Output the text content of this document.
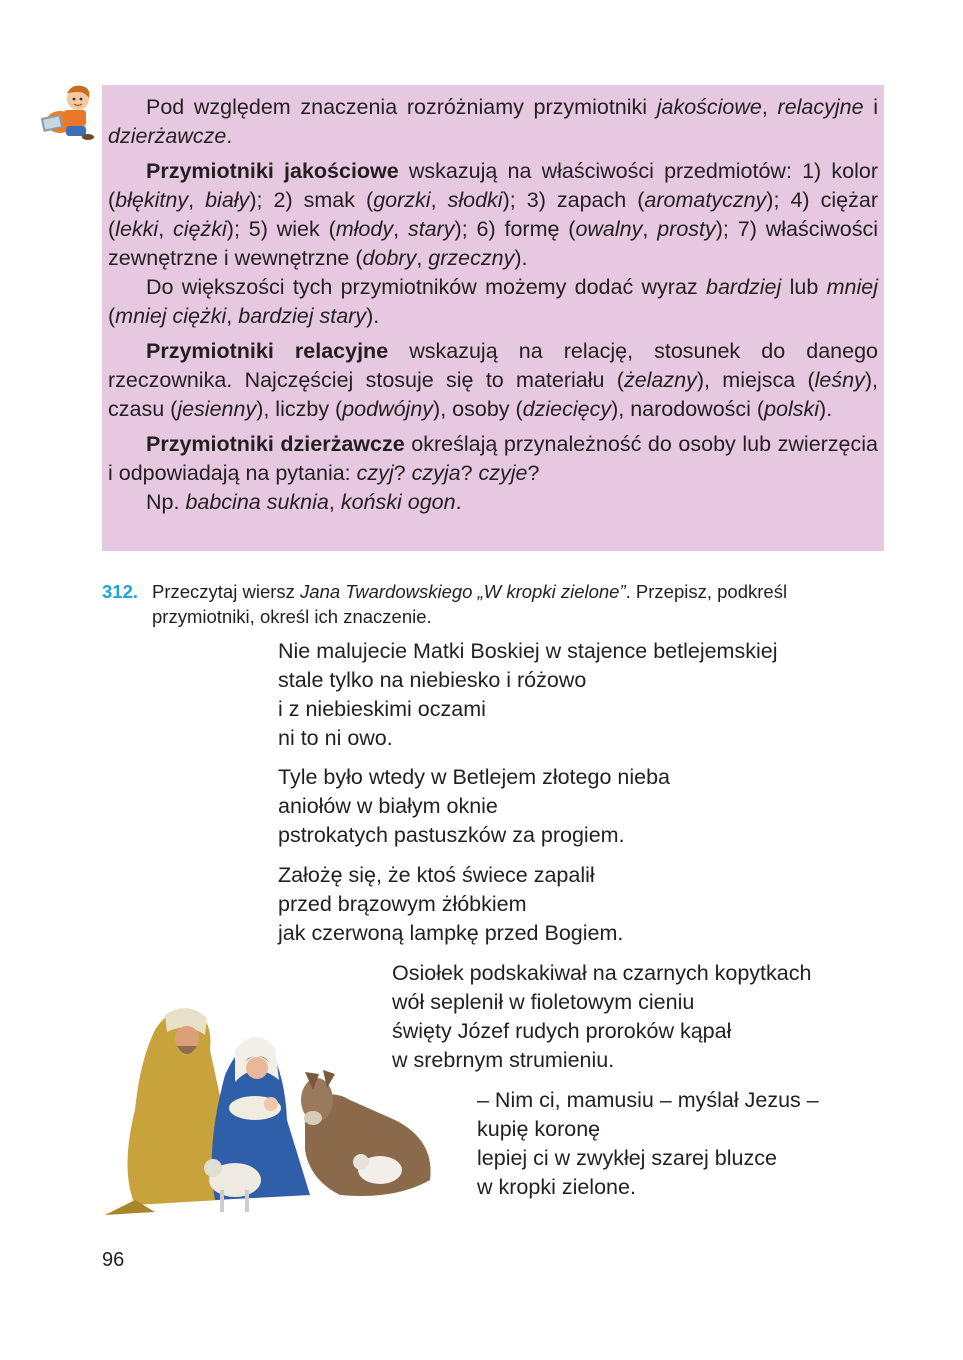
Pod względem znaczenia rozróżniamy przymiotniki jakościowe, relacyjne i dzierżawcze.

Przymiotniki jakościowe wskazują na właściwości przedmiotów: 1) kolor (błękitny, biały); 2) smak (gorzki, słodki); 3) zapach (aromatyczny); 4) ciężar (lekki, ciężki); 5) wiek (młody, stary); 6) formę (owalny, prosty); 7) właściwości zewnętrzne i wewnętrzne (dobry, grzeczny).

Do większości tych przymiotników możemy dodać wyraz bardziej lub mniej (mniej ciężki, bardziej stary).

Przymiotniki relacyjne wskazują na relację, stosunek do danego rzeczownika. Najczęściej stosuje się to materiału (żelazny), miejsca (leśny), czasu (jesienny), liczby (podwójny), osoby (dziecięcy), narodowości (polski).

Przymiotniki dzierżawcze określają przynależność do osoby lub zwierzęcia i odpowiadają na pytania: czyj? czyja? czyje?

Np. babcina suknia, koński ogon.

312. Przeczytaj wiersz Jana Twardowskiego „W kropki zielone”. Przepisz, podkreśl
przymiotniki, określ ich znaczenie.
Nie malujecie Matki Boskiej w stajence betlejemskiej
stale tylko na niebiesko i różowo
i z niebieskimi oczami
ni to ni owo.
Tyle było wtedy w Betlejem złotego nieba
aniołów w białym oknie
pstrokatych pastuszków za progiem.
Założę się, że ktoś świece zapalił
przed brązowym żłóbkiem
jak czerwoną lampkę przed Bogiem.
Osiołek podskakiwał na czarnych kopytkach
wół seplenił w fioletowym cieniu
święty Józef rudych proroków kąpał
w srebrnym strumieniu.
– Nim ci, mamusiu – myślał Jezus –
kupię koronę
lepiej ci w zwykłej szarej bluzce
w kropki zielone.
96
